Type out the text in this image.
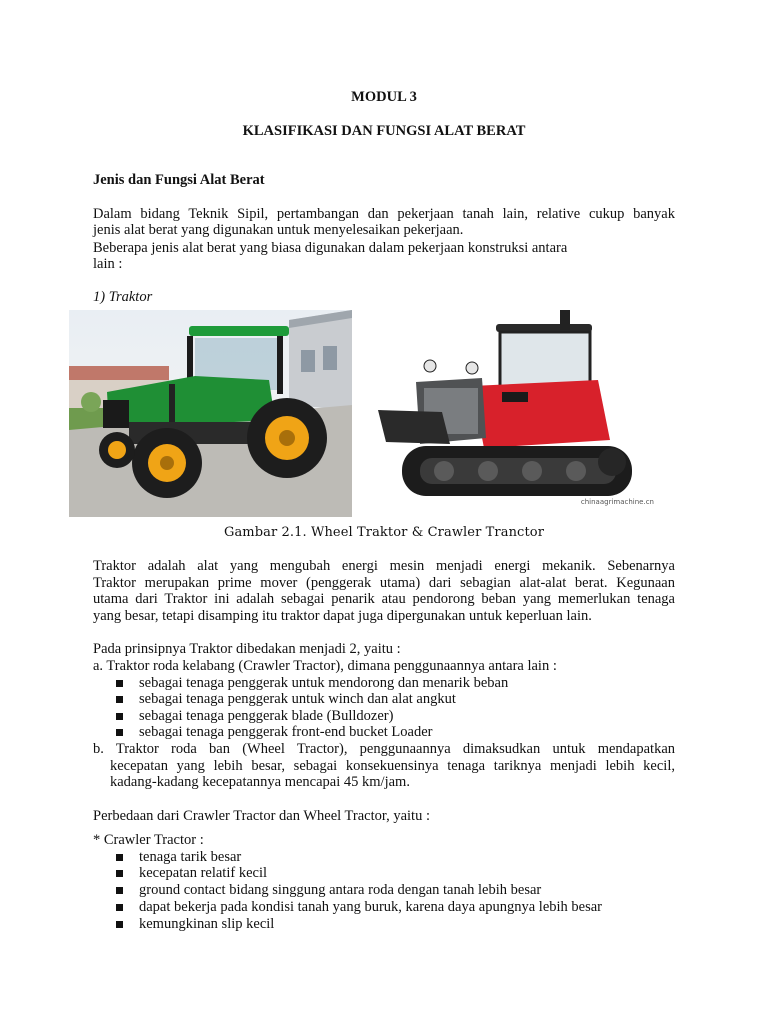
MODUL 3
KLASIFIKASI DAN FUNGSI ALAT BERAT
Jenis dan Fungsi Alat Berat
Dalam bidang Teknik Sipil, pertambangan dan pekerjaan tanah lain, relative cukup banyak
jenis alat berat yang digunakan untuk menyelesaikan pekerjaan.
Beberapa jenis alat berat yang biasa digunakan dalam pekerjaan konstruksi antara
lain :
1) Traktor
chinaagrimachine.cn
Gambar 2.1. Wheel Traktor & Crawler Tranctor
Traktor adalah alat yang mengubah energi mesin menjadi energi mekanik. Sebenarnya
Traktor merupakan prime mover (penggerak utama) dari sebagian alat-alat berat. Kegunaan
utama dari Traktor ini adalah sebagai penarik atau pendorong beban yang memerlukan tenaga
yang besar, tetapi disamping itu traktor dapat juga dipergunakan untuk keperluan lain.
Pada prinsipnya Traktor dibedakan menjadi 2, yaitu :
a. Traktor roda kelabang (Crawler Tractor), dimana penggunaannya antara lain :
sebagai tenaga penggerak untuk mendorong dan menarik beban
sebagai tenaga penggerak untuk winch dan alat angkut
sebagai tenaga penggerak blade (Bulldozer)
sebagai tenaga penggerak front-end bucket Loader
b. Traktor roda ban (Wheel Tractor), penggunaannya dimaksudkan untuk mendapatkan
kecepatan yang lebih besar, sebagai konsekuensinya tenaga tariknya menjadi lebih kecil,
kadang-kadang kecepatannya mencapai 45 km/jam.
Perbedaan dari Crawler Tractor dan Wheel Tractor, yaitu :
* Crawler Tractor :
tenaga tarik besar
kecepatan relatif kecil
ground contact bidang singgung antara roda dengan tanah lebih besar
dapat bekerja pada kondisi tanah yang buruk, karena daya apungnya lebih besar
kemungkinan slip kecil
